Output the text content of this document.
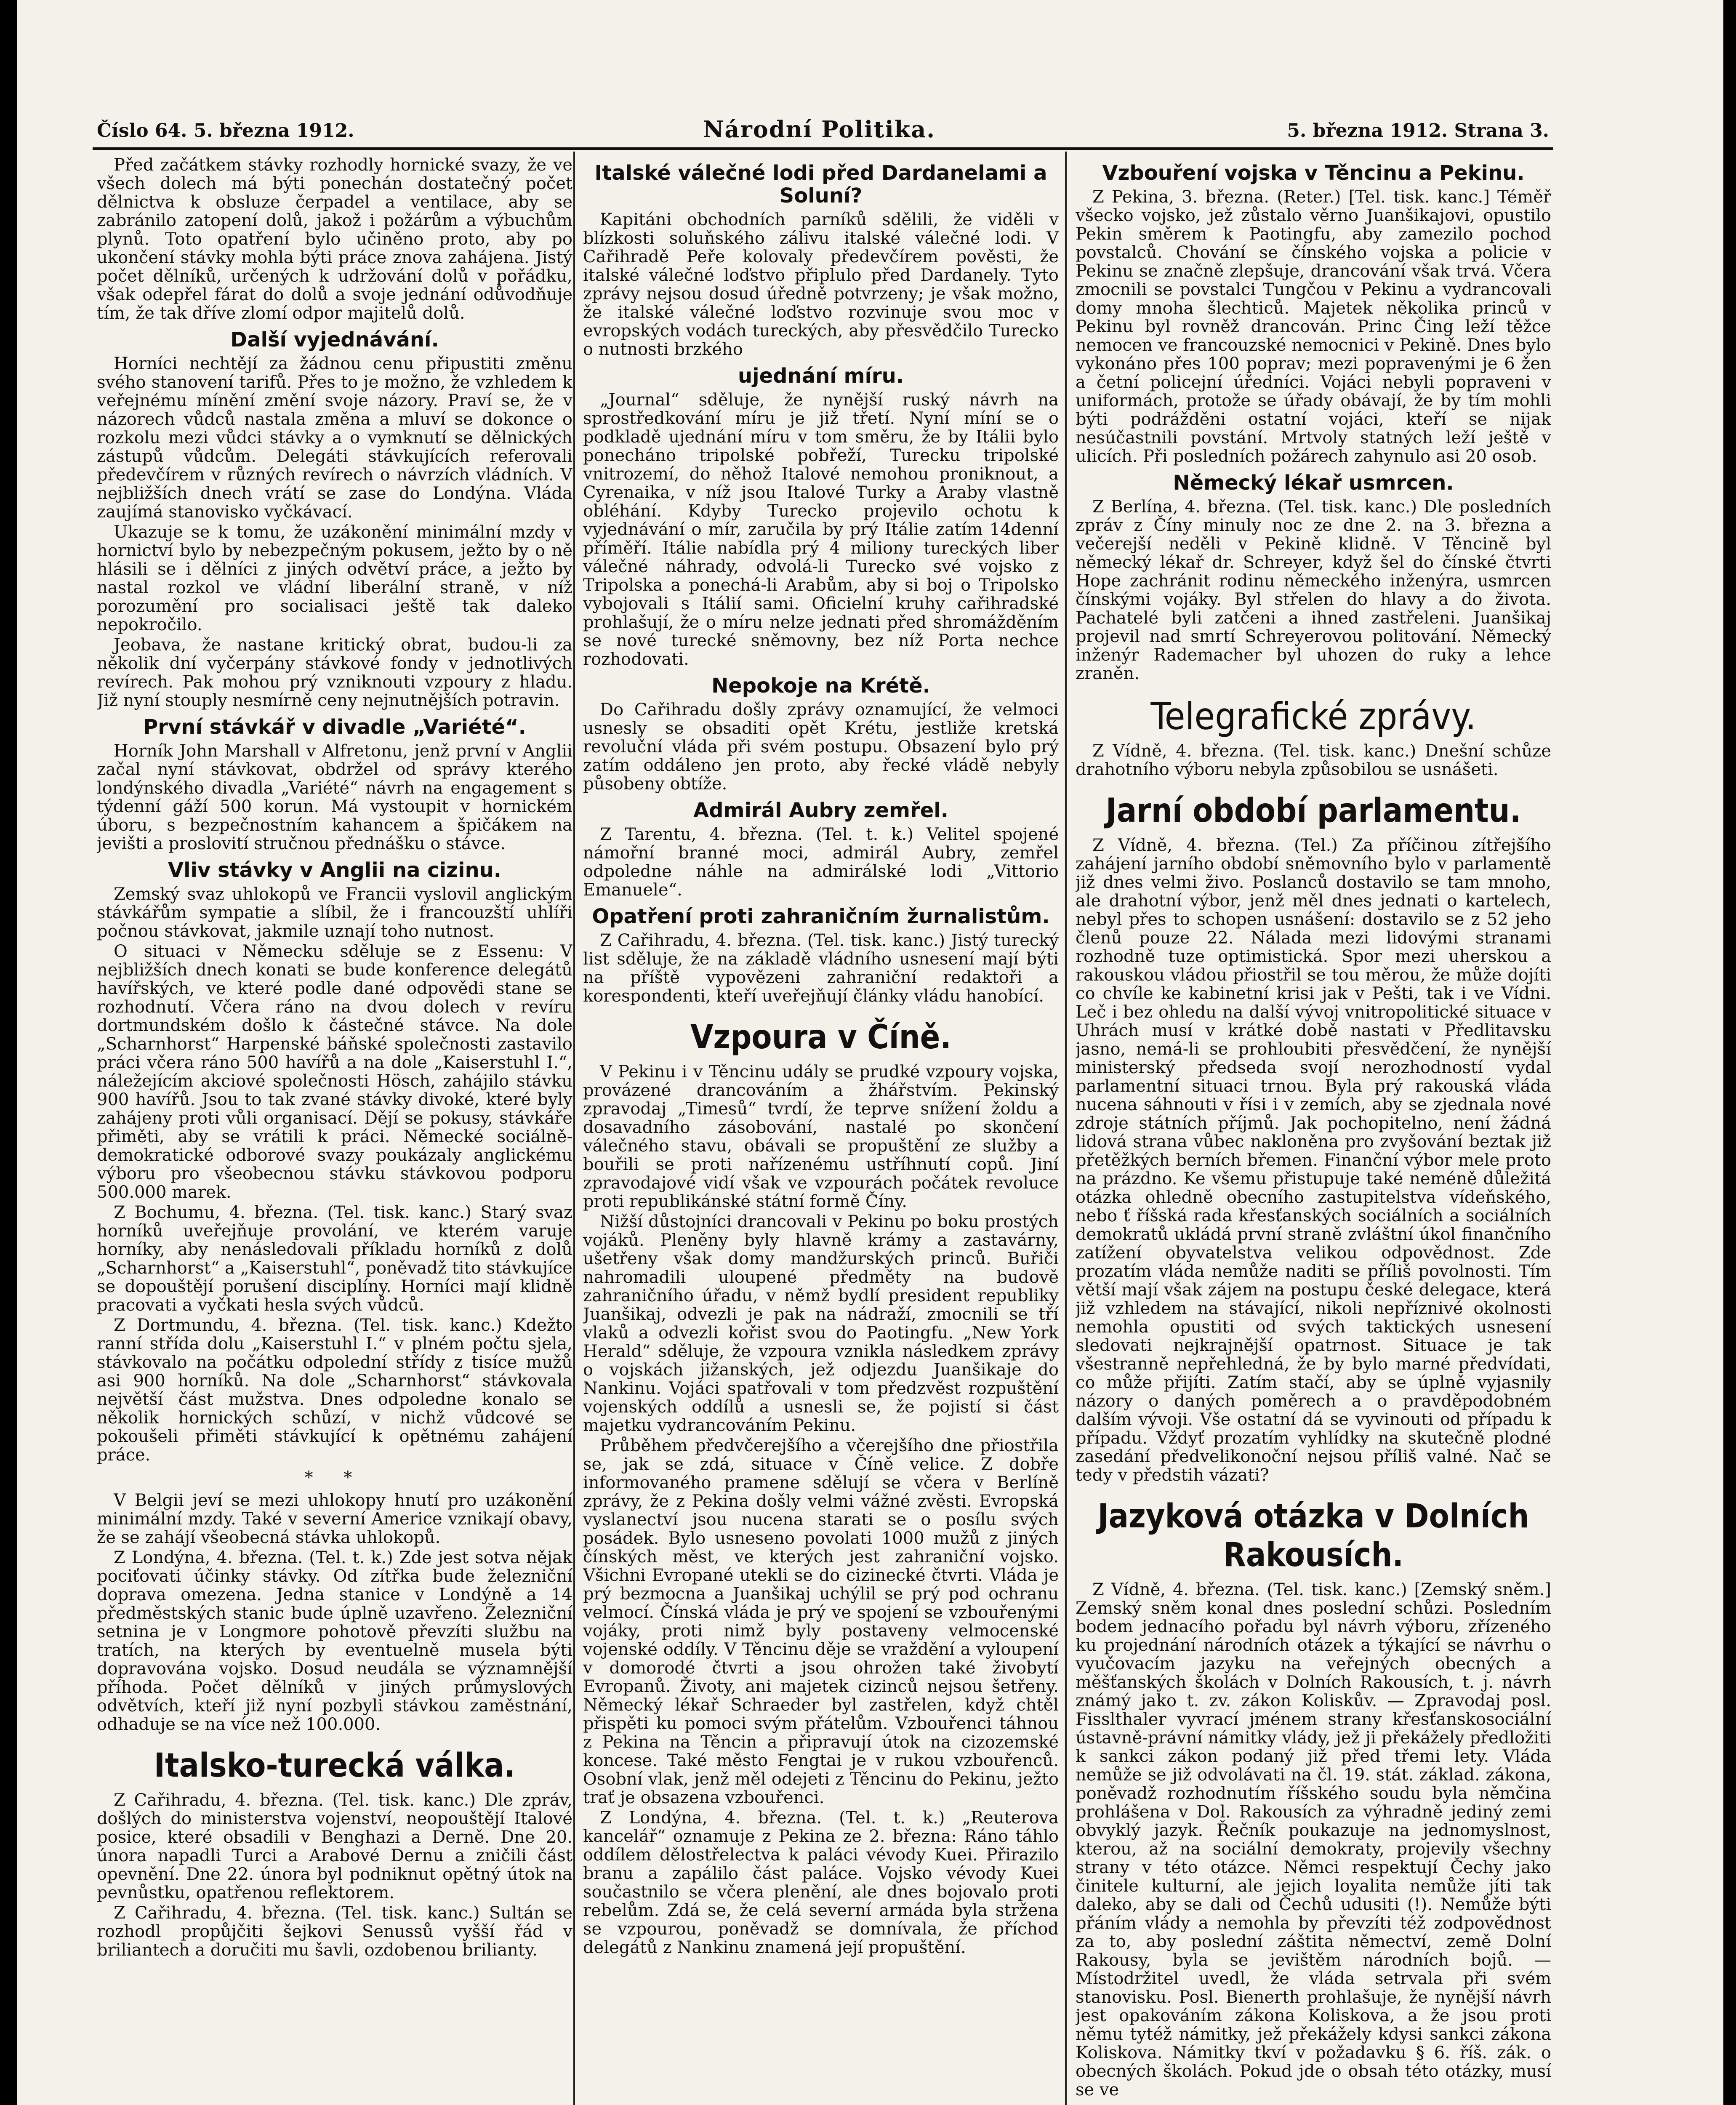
Číslo 64. 5. března 1912.	Národní Politika.	5. března 1912. Strana 3.

Před začátkem stávky rozhodly hornické svazy, že ve všech dolech má býti ponechán dostatečný počet dělnictva k obsluze čerpadel a ventilace, aby se zabránilo zatopení dolů, jakož i požárům a výbuchům plynů. Toto opatření bylo učiněno proto, aby po ukončení stávky mohla býti práce znova zahájena. Jistý počet dělníků, určených k udržování dolů v pořádku, však odepřel fárat do dolů a svoje jednání odůvodňuje tím, že tak dříve zlomí odpor majitelů dolů.

Další vyjednávání.

Horníci nechtějí za žádnou cenu připustiti změnu svého stanovení tarifů. Přes to je možno, že vzhledem k veřejnému mínění změní svoje názory. Praví se, že v názorech vůdců nastala změna a mluví se dokonce o rozkolu mezi vůdci stávky a o vymknutí se dělnických zástupů vůdcům. Delegáti stávkujících referovali předevčírem v různých revírech o návrzích vládních. V nejbližších dnech vrátí se zase do Londýna. Vláda zaujímá stanovisko vyčkávací.

Ukazuje se k tomu, že uzákonění minimální mzdy v hornictví bylo by nebezpečným pokusem, ježto by o ně hlásili se i dělníci z jiných odvětví práce, a ježto by nastal rozkol ve vládní liberální straně, v níž porozumění pro socialisaci ještě tak daleko nepokročilo.

Jeobava, že nastane kritický obrat, budou-li za několik dní vyčerpány stávkové fondy v jednotlivých revírech. Pak mohou prý vzniknouti vzpoury z hladu. Již nyní stouply nesmírně ceny nejnutnějších potravin.

První stávkář v divadle „Variété“.

Horník John Marshall v Alfretonu, jenž první v Anglii začal nyní stávkovat, obdržel od správy kterého londýnského divadla „Variété“ návrh na engagement s týdenní gáží 500 korun. Má vystoupit v hornickém úboru, s bezpečnostním kahancem a špičákem na jevišti a proslovití stručnou přednášku o stávce.

Vliv stávky v Anglii na cizinu.

Zemský svaz uhlokopů ve Francii vyslovil anglickým stávkářům sympatie a slíbil, že i francouzští uhlíři počnou stávkovat, jakmile uznají toho nutnost.

O situaci v Německu sděluje se z Essenu: V nejbližších dnech konati se bude konference delegátů havířských, ve které podle dané odpovědi stane se rozhodnutí. Včera ráno na dvou dolech v revíru dortmundském došlo k částečné stávce. Na dole „Scharnhorst“ Harpenské báňské společnosti zastavilo práci včera ráno 500 havířů a na dole „Kaiserstuhl I.“, náležejícím akciové společnosti Hösch, zahájilo stávku 900 havířů. Jsou to tak zvané stávky divoké, které byly zahájeny proti vůli organisací. Dějí se pokusy, stávkáře přiměti, aby se vrátili k práci. Německé sociálně-demokratické odborové svazy poukázaly anglickému výboru pro všeobecnou stávku stávkovou podporu 500.000 marek.

Z Bochumu, 4. března. (Tel. tisk. kanc.) Starý svaz horníků uveřejňuje provolání, ve kterém varuje horníky, aby nenásledovali příkladu horníků z dolů „Scharnhorst“ a „Kaiserstuhl“, poněvadž tito stávkujíce se dopouštějí porušení disciplíny. Horníci mají klidně pracovati a vyčkati hesla svých vůdců.

Z Dortmundu, 4. března. (Tel. tisk. kanc.) Kdežto ranní střída dolu „Kaiserstuhl I.“ v plném počtu sjela, stávkovalo na počátku odpolední střídy z tisíce mužů asi 900 horníků. Na dole „Scharnhorst“ stávkovala největší část mužstva. Dnes odpoledne konalo se několik hornických schůzí, v nichž vůdcové se pokoušeli přiměti stávkující k opětnému zahájení práce.

* *

V Belgii jeví se mezi uhlokopy hnutí pro uzákonění minimální mzdy. Také v severní Americe vznikají obavy, že se zahájí všeobecná stávka uhlokopů.

Z Londýna, 4. března. (Tel. t. k.) Zde jest sotva nějak pociťovati účinky stávky. Od zítřka bude železniční doprava omezena. Jedna stanice v Londýně a 14 předměstských stanic bude úplně uzavřeno. Železniční setnina je v Longmore pohotově převzíti službu na tratích, na kterých by eventuelně musela býti dopravována vojsko. Dosud neudála se významnější příhoda. Počet dělníků v jiných průmyslových odvětvích, kteří již nyní pozbyli stávkou zaměstnání, odhaduje se na více než 100.000.

Italsko-turecká válka.

Z Cařihradu, 4. března. (Tel. tisk. kanc.) Dle zpráv, došlých do ministerstva vojenství, neopouštějí Italové posice, které obsadili v Benghazi a Derně. Dne 20. února napadli Turci a Arabové Dernu a zničili část opevnění. Dne 22. února byl podniknut opětný útok na pevnůstku, opatřenou reflektorem.

Z Cařihradu, 4. března. (Tel. tisk. kanc.) Sultán se rozhodl propůjčiti šejkovi Senussů vyšší řád v briliantech a doručiti mu šavli, ozdobenou brilianty.

Italské válečné lodi před Dardanelami a Soluní?

Kapitáni obchodních parníků sdělili, že viděli v blízkosti soluňského zálivu italské válečné lodi. V Cařihradě Peře kolovaly předevčírem pověsti, že italské válečné loďstvo připlulo před Dardanely. Tyto zprávy nejsou dosud úředně potvrzeny; je však možno, že italské válečné loďstvo rozvinuje svou moc v evropských vodách tureckých, aby přesvědčilo Turecko o nutnosti brzkého

ujednání míru.

„Journal“ sděluje, že nynější ruský návrh na sprostředkování míru je již třetí. Nyní míní se o podkladě ujednání míru v tom směru, že by Itálii bylo ponecháno tripolské pobřeží, Turecku tripolské vnitrozemí, do něhož Italové nemohou proniknout, a Cyrenaika, v níž jsou Italové Turky a Araby vlastně obléhání. Kdyby Turecko projevilo ochotu k vyjednávání o mír, zaručila by prý Itálie zatím 14denní příměří. Itálie nabídla prý 4 miliony tureckých liber válečné náhrady, odvolá-li Turecko své vojsko z Tripolska a ponechá-li Arabům, aby si boj o Tripolsko vybojovali s Itálií sami. Oficielní kruhy cařihradské prohlašují, že o míru nelze jednati před shromážděním se nové turecké sněmovny, bez níž Porta nechce rozhodovati.

Nepokoje na Krétě.

Do Cařihradu došly zprávy oznamující, že velmoci usnesly se obsaditi opět Krétu, jestliže kretská revoluční vláda při svém postupu. Obsazení bylo prý zatím oddáleno jen proto, aby řecké vládě nebyly působeny obtíže.

Admirál Aubry zemřel.

Z Tarentu, 4. března. (Tel. t. k.) Velitel spojené námořní branné moci, admirál Aubry, zemřel odpoledne náhle na admirálské lodi „Vittorio Emanuele“.

Opatření proti zahraničním žurnalistům.

Z Cařihradu, 4. března. (Tel. tisk. kanc.) Jistý turecký list sděluje, že na základě vládního usnesení mají býti na příště vypovězeni zahraniční redaktoři a korespondenti, kteří uveřejňují články vládu hanobící.

Vzpoura v Číně.

V Pekinu i v Těncinu udály se prudké vzpoury vojska, provázené drancováním a žhářstvím. Pekinský zpravodaj „Timesů“ tvrdí, že teprve snížení žoldu a dosavadního zásobování, nastalé po skončení válečného stavu, obávali se propuštění ze služby a bouřili se proti nařízenému ustříhnutí copů. Jiní zpravodajové vidí však ve vzpourách počátek revoluce proti republikánské státní formě Číny.

Nižší důstojníci drancovali v Pekinu po boku prostých vojáků. Pleněny byly hlavně krámy a zastavárny, ušetřeny však domy mandžurských princů. Buřiči nahromadili uloupené předměty na budově zahraničního úřadu, v němž bydlí president republiky Juanšikaj, odvezli je pak na nádraží, zmocnili se tří vlaků a odvezli kořist svou do Paotingfu. „New York Herald“ sděluje, že vzpoura vznikla následkem zprávy o vojskách jižanských, jež odjezdu Juanšikaje do Nankinu. Vojáci spatřovali v tom předzvěst rozpuštění vojenských oddílů a usnesli se, že pojistí si část majetku vydrancováním Pekinu.

Průběhem předvčerejšího a včerejšího dne přiostřila se, jak se zdá, situace v Číně velice. Z dobře informovaného pramene sdělují se včera v Berlíně zprávy, že z Pekina došly velmi vážné zvěsti. Evropská vyslanectví jsou nucena starati se o posílu svých posádek. Bylo usneseno povolati 1000 mužů z jiných čínských měst, ve kterých jest zahraniční vojsko. Všichni Evropané utekli se do cizinecké čtvrti. Vláda je prý bezmocna a Juanšikaj uchýlil se prý pod ochranu velmocí. Čínská vláda je prý ve spojení se vzbouřenými vojáky, proti nimž byly postaveny velmocenské vojenské oddíly. V Těncinu děje se vraždění a vyloupení v domorodé čtvrti a jsou ohrožen také živobytí Evropanů. Životy, ani majetek cizinců nejsou šetřeny. Německý lékař Schraeder byl zastřelen, když chtěl přispěti ku pomoci svým přátelům. Vzbouřenci táhnou z Pekina na Těncin a připravují útok na cizozemské koncese. Také město Fengtai je v rukou vzbouřenců. Osobní vlak, jenž měl odejeti z Těncinu do Pekinu, ježto trať je obsazena vzbouřenci.

Z Londýna, 4. března. (Tel. t. k.) „Reuterova kancelář“ oznamuje z Pekina ze 2. března: Ráno táhlo oddílem dělostřelectva k paláci vévody Kuei. Přirazilo branu a zapálilo část paláce. Vojsko vévody Kuei součastnilo se včera plenění, ale dnes bojovalo proti rebelům. Zdá se, že celá severní armáda byla stržena se vzpourou, poněvadž se domnívala, že příchod delegátů z Nankinu znamená její propuštění.

Vzbouření vojska v Těncinu a Pekinu.

Z Pekina, 3. března. (Reter.) [Tel. tisk. kanc.] Téměř všecko vojsko, jež zůstalo věrno Juanšikajovi, opustilo Pekin směrem k Paotingfu, aby zamezilo pochod povstalců. Chování se čínského vojska a policie v Pekinu se značně zlepšuje, drancování však trvá. Včera zmocnili se povstalci Tungčou v Pekinu a vydrancovali domy mnoha šlechticů. Majetek několika princů v Pekinu byl rovněž drancován. Princ Čing leží těžce nemocen ve francouzské nemocnici v Pekině. Dnes bylo vykonáno přes 100 poprav; mezi popravenými je 6 žen a četní policejní úředníci. Vojáci nebyli popraveni v uniformách, protože se úřady obávají, že by tím mohli býti podrážděni ostatní vojáci, kteří se nijak nesúčastnili povstání. Mrtvoly statných leží ještě v ulicích. Při posledních požárech zahynulo asi 20 osob.

Německý lékař usmrcen.

Z Berlína, 4. března. (Tel. tisk. kanc.) Dle posledních zpráv z Číny minuly noc ze dne 2. na 3. března a večerejší neděli v Pekině klidně. V Těncině byl německý lékař dr. Schreyer, když šel do čínské čtvrti Hope zachránit rodinu německého inženýra, usmrcen čínskými vojáky. Byl střelen do hlavy a do života. Pachatelé byli zatčeni a ihned zastřeleni. Juanšikaj projevil nad smrtí Schreyerovou politování. Německý inženýr Rademacher byl uhozen do ruky a lehce zraněn.

Telegrafické zprávy.

Z Vídně, 4. března. (Tel. tisk. kanc.) Dnešní schůze drahotního výboru nebyla způsobilou se usnášeti.

Jarní období parlamentu.

Z Vídně, 4. března. (Tel.) Za příčinou zítřejšího zahájení jarního období sněmovního bylo v parlamentě již dnes velmi živo. Poslanců dostavilo se tam mnoho, ale drahotní výbor, jenž měl dnes jednati o kartelech, nebyl přes to schopen usnášení: dostavilo se z 52 jeho členů pouze 22. Nálada mezi lidovými stranami rozhodně tuze optimistická. Spor mezi uherskou a rakouskou vládou přiostřil se tou měrou, že může dojíti co chvíle ke kabinetní krisi jak v Pešti, tak i ve Vídni. Leč i bez ohledu na další vývoj vnitropolitické situace v Uhrách musí v krátké době nastati v Předlitavsku jasno, nemá-li se prohloubiti přesvědčení, že nynější ministerský předseda svojí nerozhodností vydal parlamentní situaci trnou. Byla prý rakouská vláda nucena sáhnouti v řísi i v zemích, aby se zjednala nové zdroje státních příjmů. Jak pochopitelno, není žádná lidová strana vůbec nakloněna pro zvyšování beztak již přetěžkých berních břemen. Finanční výbor mele proto na prázdno. Ke všemu přistupuje také neméně důležitá otázka ohledně obecního zastupitelstva vídeňského, nebo ť říšská rada křesťanských sociálních a sociálních demokratů ukládá první straně zvláštní úkol finančního zatížení obyvatelstva velikou odpovědnost. Zde prozatím vláda nemůže naditi se příliš povolnosti. Tím větší mají však zájem na postupu české delegace, která již vzhledem na stávající, nikoli nepříznivé okolnosti nemohla opustiti od svých taktických usnesení sledovati nejkrajnější opatrnost. Situace je tak všestranně nepřehledná, že by bylo marné předvídati, co může přijíti. Zatím stačí, aby se úplně vyjasnily názory o daných poměrech a o pravděpodobném dalším vývoji. Vše ostatní dá se vyvinouti od případu k případu. Vždyť prozatím vyhlídky na skutečně plodné zasedání předvelikonoční nejsou příliš valné. Nač se tedy v předstih vázati?

Jazyková otázka v Dolních Rakousích.

Z Vídně, 4. března. (Tel. tisk. kanc.) [Zemský sněm.] Zemský sněm konal dnes poslední schůzi. Posledním bodem jednacího pořadu byl návrh výboru, zřízeného ku projednání národních otázek a týkající se návrhu o vyučovacím jazyku na veřejných obecných a měšťanských školách v Dolních Rakousích, t. j. návrh známý jako t. zv. zákon Koliskův. — Zpravodaj posl. Fisslthaler vyvrací jménem strany křesťanskosociální ústavně-právní námitky vlády, jež ji překážely předložiti k sankci zákon podaný již před třemi lety. Vláda nemůže se již odvolávati na čl. 19. stát. základ. zákona, poněvadž rozhodnutím říšského soudu byla němčina prohlášena v Dol. Rakousích za výhradně jediný zemi obvyklý jazyk. Řečník poukazuje na jednomyslnost, kterou, až na sociální demokraty, projevily všechny strany v této otázce. Němci respektují Čechy jako činitele kulturní, ale jejich loyalita nemůže jíti tak daleko, aby se dali od Čechů udusiti (!). Nemůže býti přáním vlády a nemohla by převzíti též zodpovědnost za to, aby poslední záštita němectví, země Dolní Rakousy, byla se jevištěm národních bojů. — Místodržitel uvedl, že vláda setrvala při svém stanovisku. Posl. Bienerth prohlašuje, že nynější návrh jest opakováním zákona Koliskova, a že jsou proti němu tytéž námitky, jež překážely kdysi sankci zákona Koliskova. Námitky tkví v požadavku § 6. říš. zák. o obecných školách. Pokud jde o obsah této otázky, musí se ve
